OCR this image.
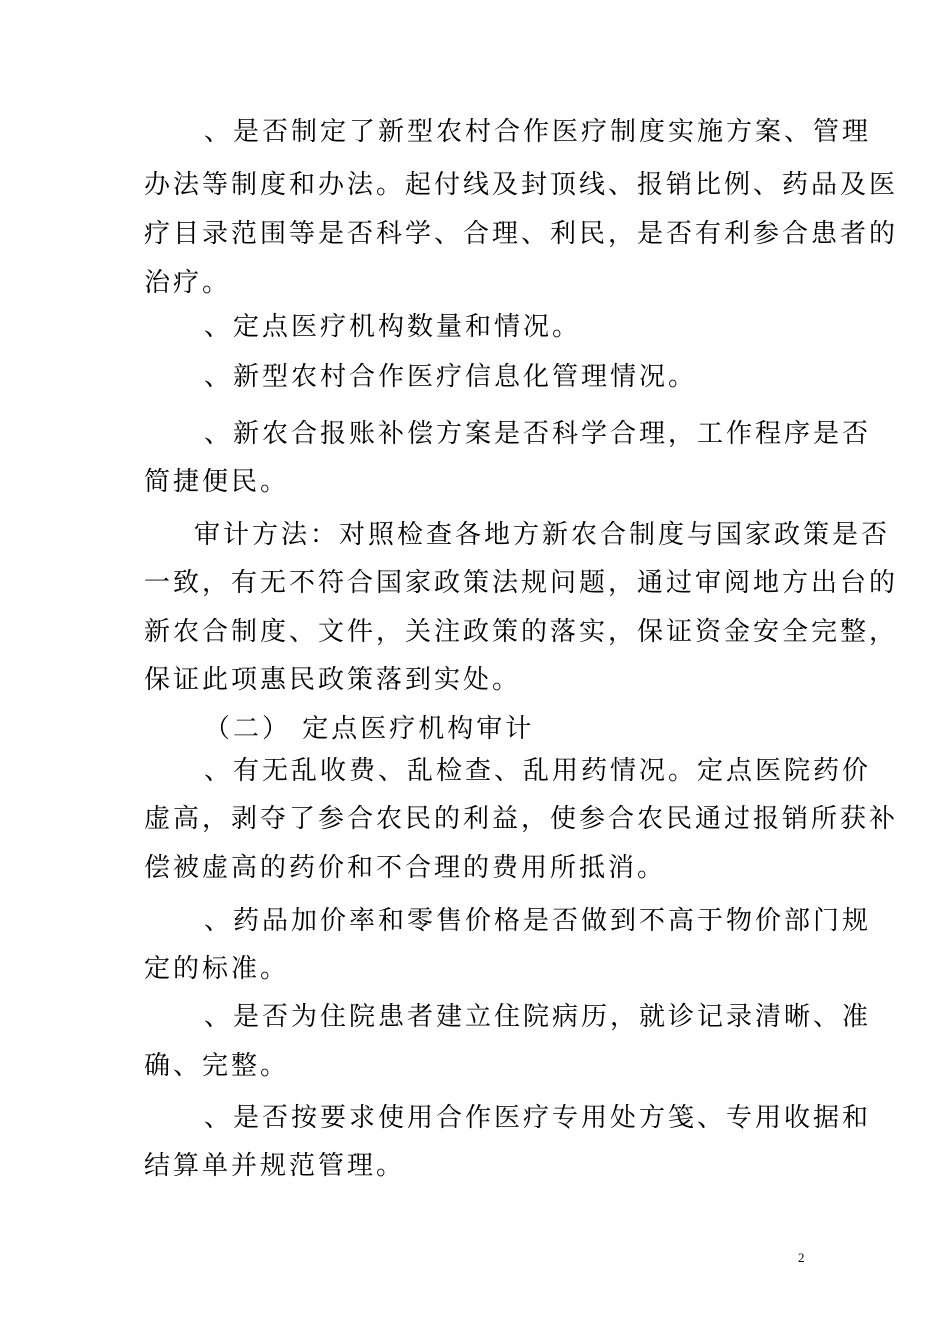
、是否制定了新型农村合作医疗制度实施方案、管理
办法等制度和办法。起付线及封顶线、报销比例、药品及医
疗目录范围等是否科学、合理、利民，是否有利参合患者的
治疗。
、定点医疗机构数量和情况。
、新型农村合作医疗信息化管理情况。
、新农合报账补偿方案是否科学合理，工作程序是否
简捷便民。
审计方法：对照检查各地方新农合制度与国家政策是否
一致，有无不符合国家政策法规问题，通过审阅地方出台的
新农合制度、文件，关注政策的落实，保证资金安全完整，
保证此项惠民政策落到实处。
（二） 定点医疗机构审计
、有无乱收费、乱检查、乱用药情况。定点医院药价
虚高，剥夺了参合农民的利益，使参合农民通过报销所获补
偿被虚高的药价和不合理的费用所抵消。
、药品加价率和零售价格是否做到不高于物价部门规
定的标准。
、是否为住院患者建立住院病历，就诊记录清晰、准
确、完整。
、是否按要求使用合作医疗专用处方笺、专用收据和
结算单并规范管理。
2
